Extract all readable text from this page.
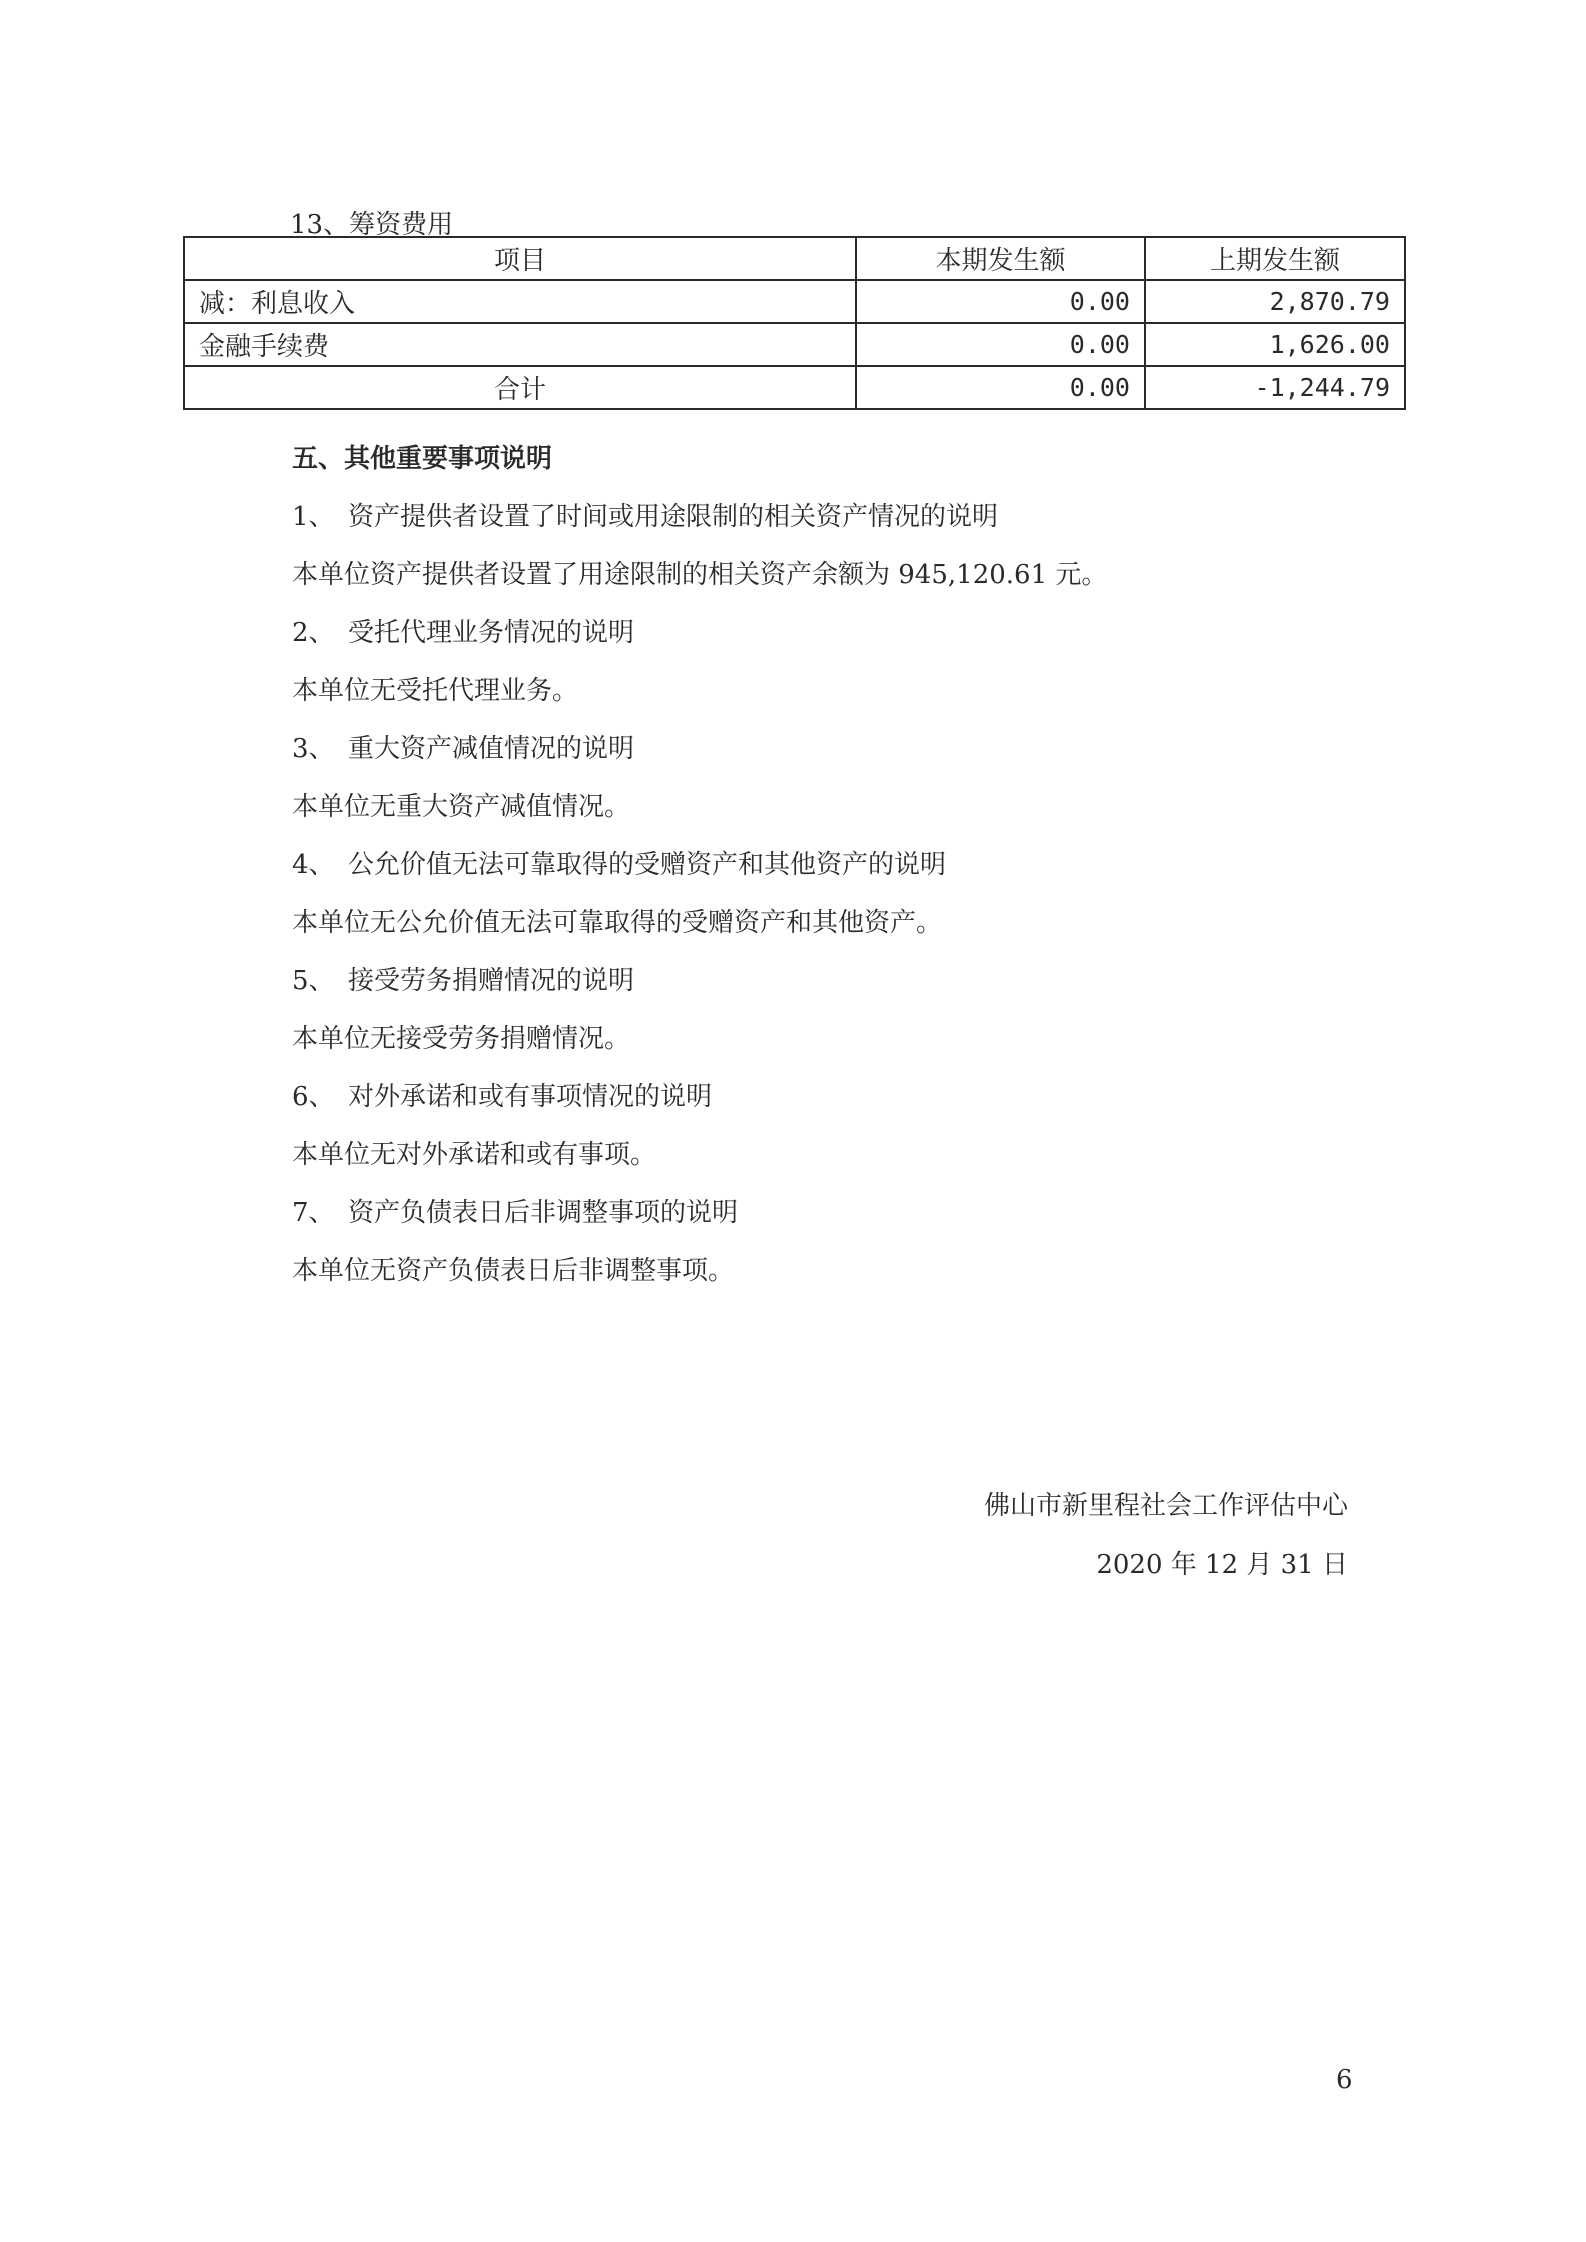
13、筹资费用
项目	本期发生额	上期发生额
减：利息收入	0.00	2,870.79
金融手续费	0.00	1,626.00
合计	0.00	-1,244.79
五、其他重要事项说明
1、 资产提供者设置了时间或用途限制的相关资产情况的说明
本单位资产提供者设置了用途限制的相关资产余额为 945,120.61 元。
2、 受托代理业务情况的说明
本单位无受托代理业务。
3、 重大资产减值情况的说明
本单位无重大资产减值情况。
4、 公允价值无法可靠取得的受赠资产和其他资产的说明
本单位无公允价值无法可靠取得的受赠资产和其他资产。
5、 接受劳务捐赠情况的说明
本单位无接受劳务捐赠情况。
6、 对外承诺和或有事项情况的说明
本单位无对外承诺和或有事项。
7、 资产负债表日后非调整事项的说明
本单位无资产负债表日后非调整事项。
佛山市新里程社会工作评估中心
2020 年 12 月 31 日
6
